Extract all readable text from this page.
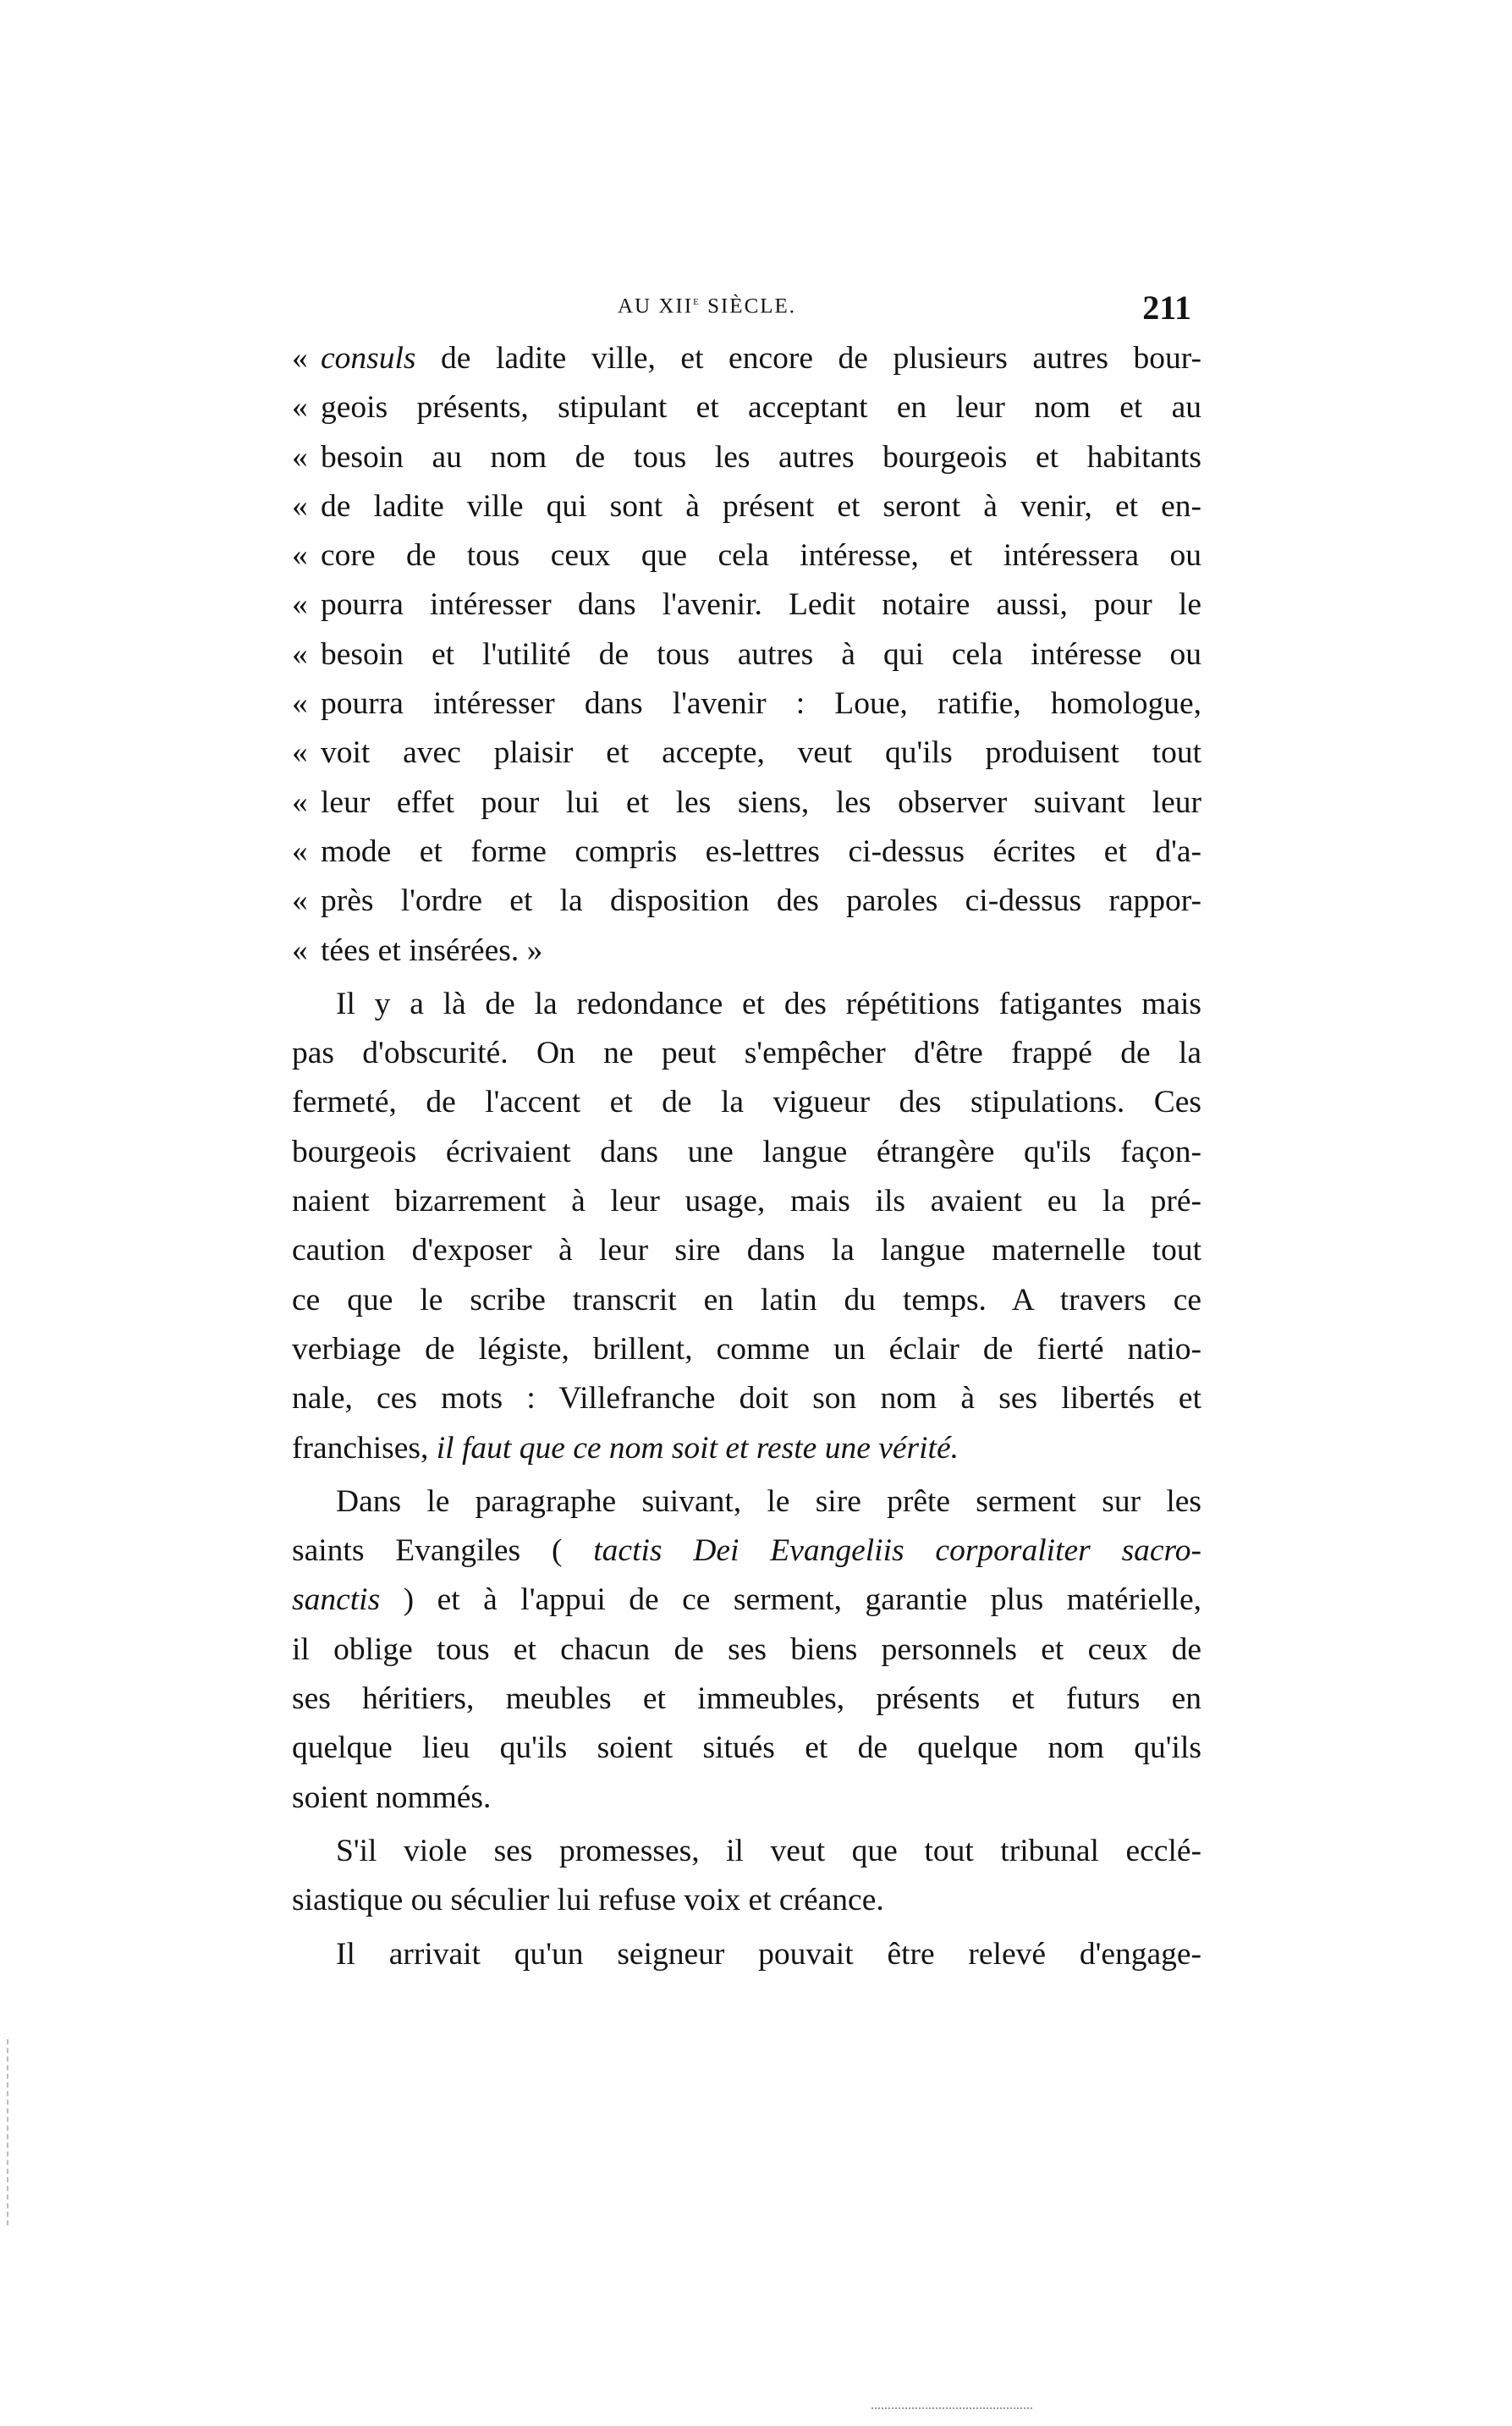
AU XIIe SIÈCLE.	211
« consuls de ladite ville, et encore de plusieurs autres bour-
« geois présents, stipulant et acceptant en leur nom et au
« besoin au nom de tous les autres bourgeois et habitants
« de ladite ville qui sont à présent et seront à venir, et en-
« core de tous ceux que cela intéresse, et intéressera ou
« pourra intéresser dans l'avenir. Ledit notaire aussi, pour le
« besoin et l'utilité de tous autres à qui cela intéresse ou
« pourra intéresser dans l'avenir : Loue, ratifie, homologue,
« voit avec plaisir et accepte, veut qu'ils produisent tout
« leur effet pour lui et les siens, les observer suivant leur
« mode et forme compris es-lettres ci-dessus écrites et d'a-
« près l'ordre et la disposition des paroles ci-dessus rappor-
« tées et insérées. »
Il y a là de la redondance et des répétitions fatigantes mais
pas d'obscurité. On ne peut s'empêcher d'être frappé de la
fermeté, de l'accent et de la vigueur des stipulations. Ces
bourgeois écrivaient dans une langue étrangère qu'ils façon-
naient bizarrement à leur usage, mais ils avaient eu la pré-
caution d'exposer à leur sire dans la langue maternelle tout
ce que le scribe transcrit en latin du temps. A travers ce
verbiage de légiste, brillent, comme un éclair de fierté natio-
nale, ces mots : Villefranche doit son nom à ses libertés et
franchises, il faut que ce nom soit et reste une vérité.
Dans le paragraphe suivant, le sire prête serment sur les
saints Evangiles ( tactis Dei Evangeliis corporaliter sacro-
sanctis ) et à l'appui de ce serment, garantie plus matérielle,
il oblige tous et chacun de ses biens personnels et ceux de
ses héritiers, meubles et immeubles, présents et futurs en
quelque lieu qu'ils soient situés et de quelque nom qu'ils
soient nommés.
S'il viole ses promesses, il veut que tout tribunal ecclé-
siastique ou séculier lui refuse voix et créance.
Il arrivait qu'un seigneur pouvait être relevé d'engage-
